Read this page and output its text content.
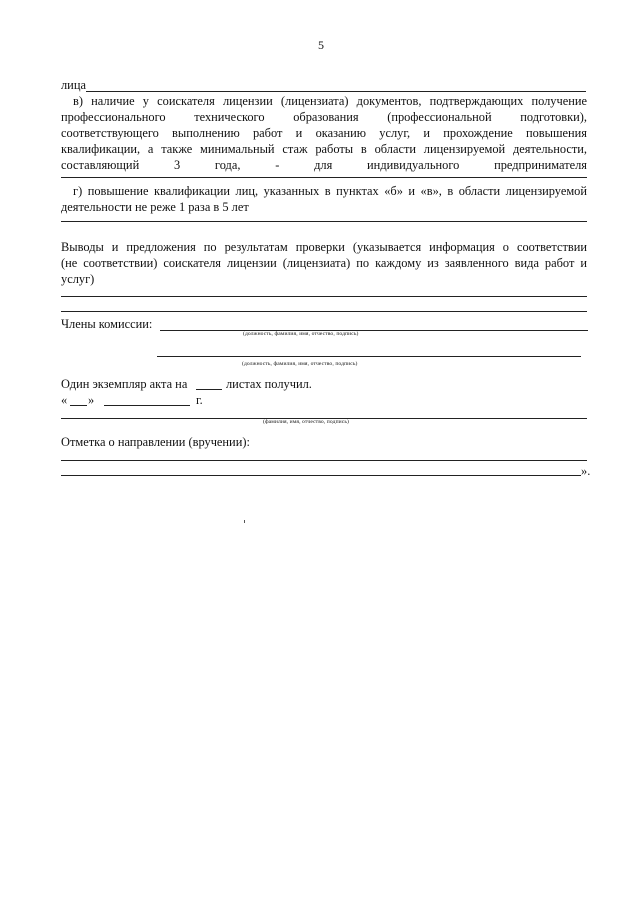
5
лица
в) наличие у соискателя лицензии (лицензиата) документов, подтверждающих получение
профессионального технического образования (профессиональной подготовки),
соответствующего выполнению работ и оказанию услуг, и прохождение повышения
квалификации, а также минимальный стаж работы в области лицензируемой деятельности,
составляющий 3 года, - для индивидуального предпринимателя
г) повышение квалификации лиц, указанных в пунктах «б» и «в», в области лицензируемой
деятельности не реже 1 раза в 5 лет
Выводы и предложения по результатам проверки (указывается информация о соответствии
(не соответствии) соискателя лицензии (лицензиата) по каждому из заявленного вида работ и
услуг)
Члены комиссии:
(должность, фамилия, имя, отчество, подпись)
(должность, фамилия, имя, отчество, подпись)
Один экземпляр акта на	листах получил.
« »	г.
(фамилия, имя, отчество, подпись)
Отметка о направлении (вручении):
».
